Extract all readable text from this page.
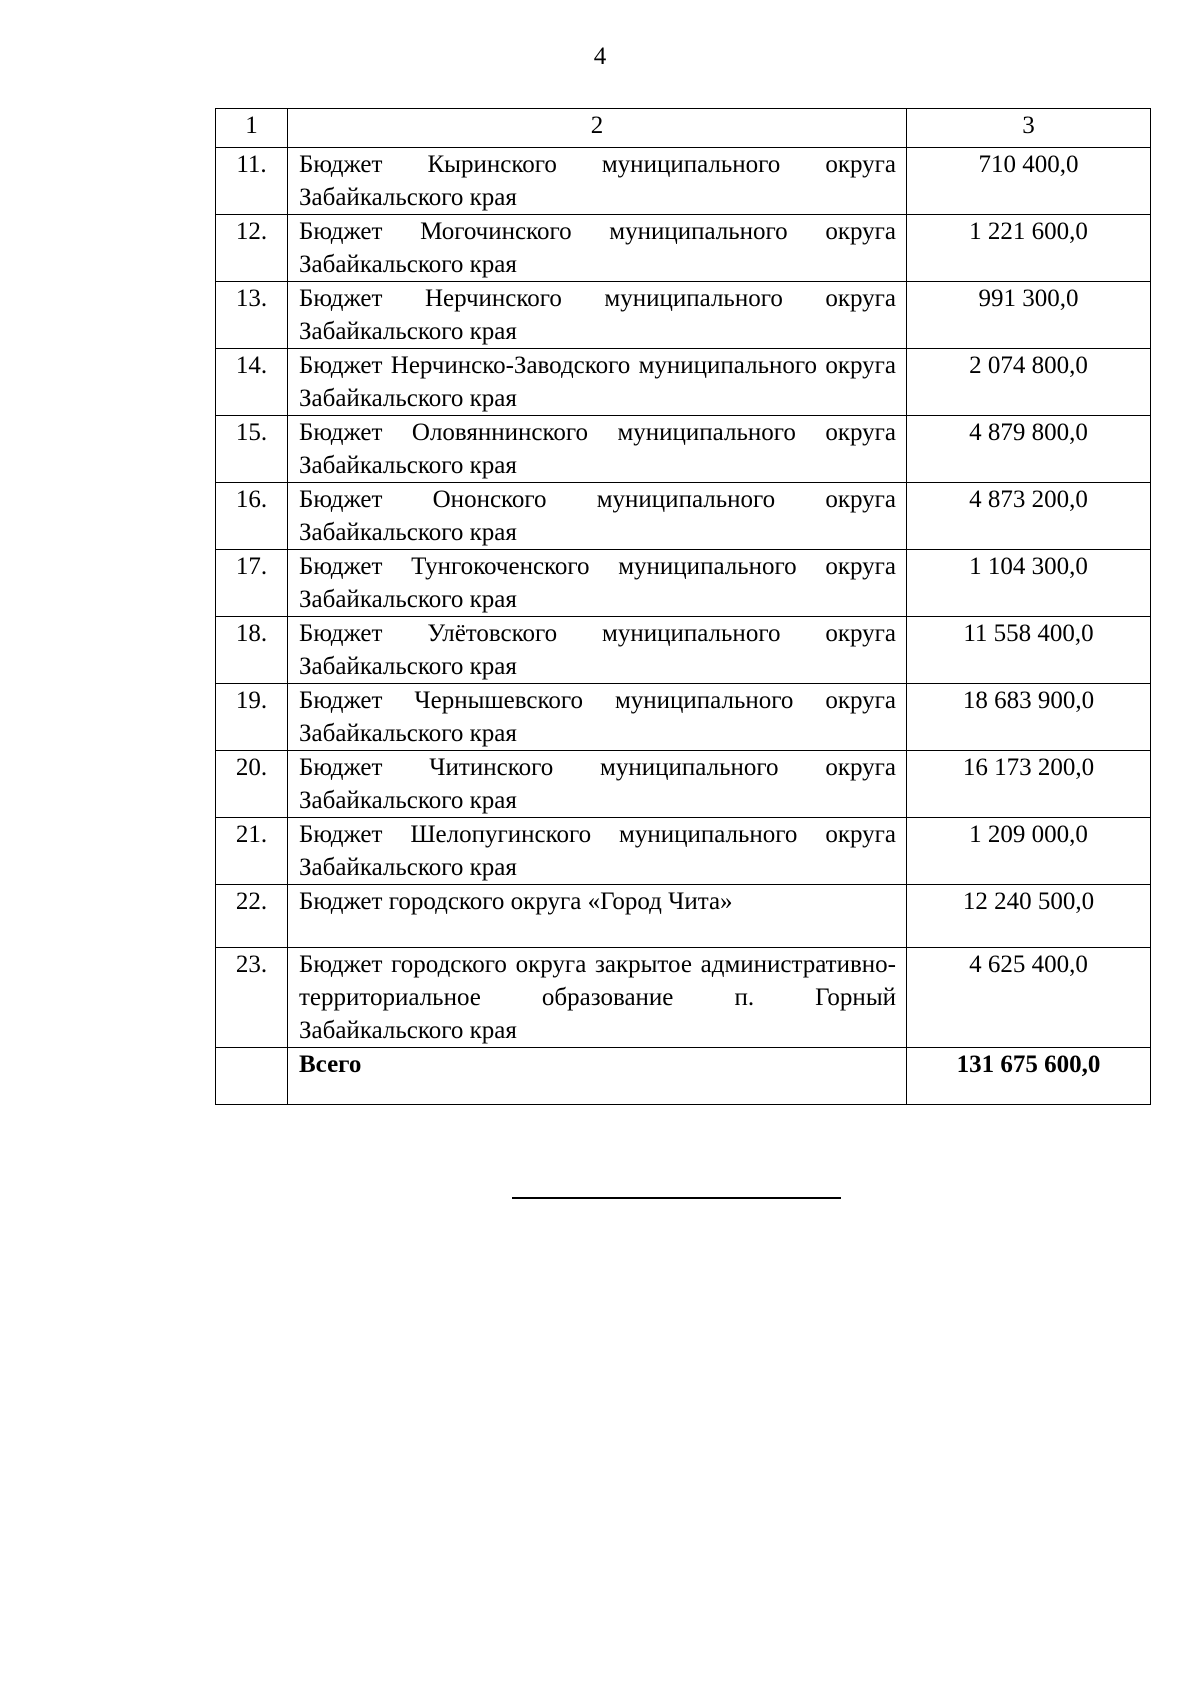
4
1	2	3
11.	Бюджет Кыринского муниципального округа Забайкальского края	710 400,0
12.	Бюджет Могочинского муниципального округа Забайкальского края	1 221 600,0
13.	Бюджет Нерчинского муниципального округа Забайкальского края	991 300,0
14.	Бюджет Нерчинско-Заводского муниципального округа Забайкальского края	2 074 800,0
15.	Бюджет Оловяннинского муниципального округа Забайкальского края	4 879 800,0
16.	Бюджет Ононского муниципального округа Забайкальского края	4 873 200,0
17.	Бюджет Тунгокоченского муниципального округа Забайкальского края	1 104 300,0
18.	Бюджет Улётовского муниципального округа Забайкальского края	11 558 400,0
19.	Бюджет Чернышевского муниципального округа Забайкальского края	18 683 900,0
20.	Бюджет Читинского муниципального округа Забайкальского края	16 173 200,0
21.	Бюджет Шелопугинского муниципального округа Забайкальского края	1 209 000,0
22.	Бюджет городского округа «Город Чита»	12 240 500,0
23.	Бюджет городского округа закрытое административно-территориальное образование п. Горный Забайкальского края	4 625 400,0
	Всего	131 675 600,0
